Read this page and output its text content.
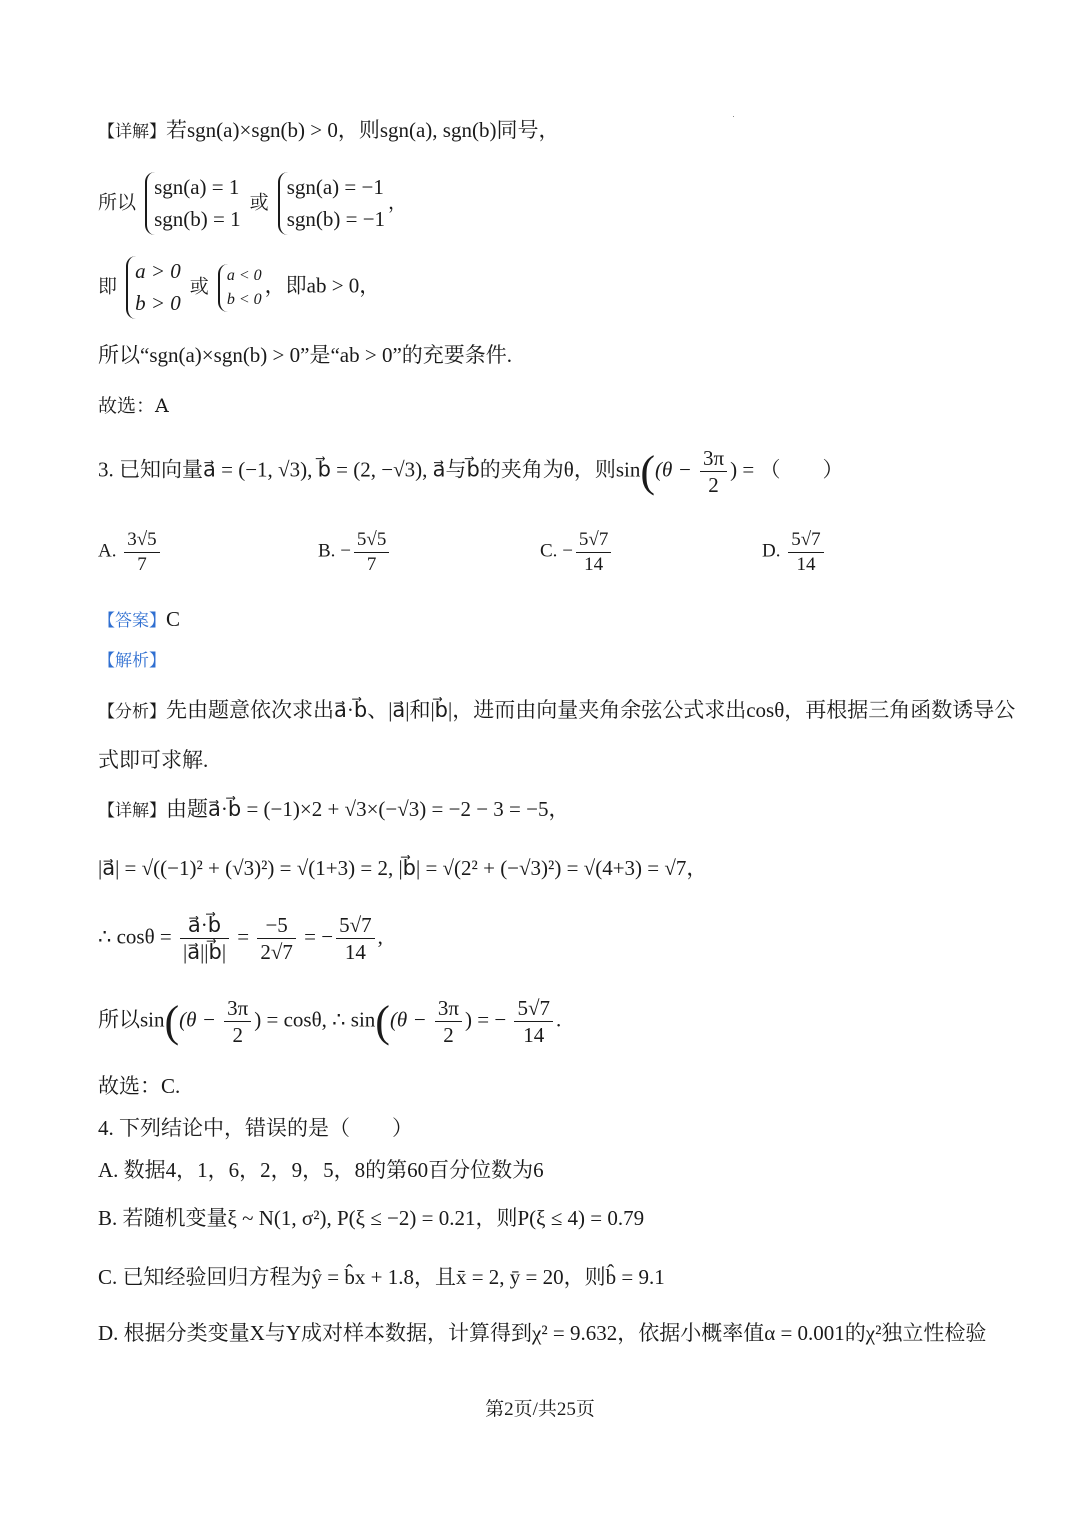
【详解】若sgn(a)×sgn(b) > 0，则sgn(a), sgn(b)同号，
所以
sgn(a) = 1
sgn(b) = 1
或
sgn(a) = −1
sgn(b) = −1
，
即
a > 0
b > 0
或
a < 0
b < 0
，即ab > 0，
所以“sgn(a)×sgn(b) > 0”是“ab > 0”的充要条件.
故选：A
3. 已知向量a⃗ = (−1, √3), b⃗ = (2, −√3), a⃗与b⃗的夹角为θ，则$\sin((\theta - \frac{3\pi}{2}$ ) = （　　）
A. $\frac{3√5}{7}$	B. − $\frac{5√5}{7}$	C. − $\frac{5√7}{14}$	D. $\frac{5√7}{14}$
【答案】C
【解析】
【分析】先由题意依次求出a⃗·b⃗、|a⃗|和|b⃗|，进而由向量夹角余弦公式求出cosθ，再根据三角函数诱导公
式即可求解.
【详解】由题a⃗·b⃗ = (−1)×2 + √3×(−√3) = −2 − 3 = −5，
|a⃗| = √((−1)² + (√3)²) = √(1+3) = 2, |b⃗| = √(2² + (−√3)²) = √(4+3) = √7，
∴ $\cos\theta = \frac{a⃗\cdot b⃗}{|a⃗||b⃗|} = \frac{-5}{2√7}$ = − $\frac{5√7}{14}$ ,
所以$\sin((\theta - \frac{3\pi}{2}$ ) = cosθ, ∴ $\sin((\theta - \frac{3\pi}{2}$ ) = − $\frac{5√7}{14}$ .
故选：C.
4. 下列结论中，错误的是（　　）
A. 数据4，1，6，2，9，5，8的第60百分位数为6
B. 若随机变量ξ ~ N(1, σ²), P(ξ ≤ −2) = 0.21，则P(ξ ≤ 4) = 0.79
C. 已知经验回归方程为ŷ = b̂x + 1.8，且x̄ = 2, ȳ = 20，则b̂ = 9.1
D. 根据分类变量X与Y成对样本数据，计算得到χ² = 9.632，依据小概率值α = 0.001的χ²独立性检验
第2页/共25页
